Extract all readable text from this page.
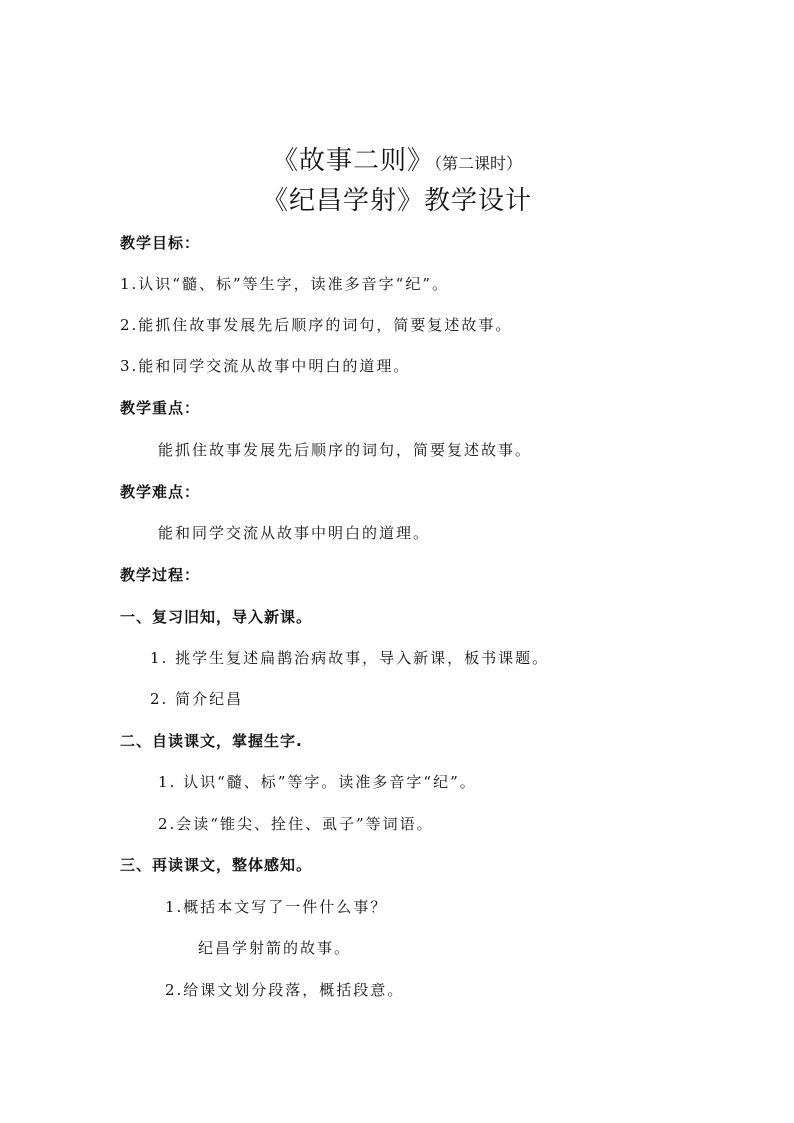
《故事二则》（第二课时）
《纪昌学射》教学设计
教学目标：
1.认识“髓、标”等生字，读准多音字“纪”。
2.能抓住故事发展先后顺序的词句，简要复述故事。
3.能和同学交流从故事中明白的道理。
教学重点：
能抓住故事发展先后顺序的词句，简要复述故事。
教学难点：
能和同学交流从故事中明白的道理。
教学过程：
一、复习旧知，导入新课。
1. 挑学生复述扁鹊治病故事，导入新课，板书课题。
2. 简介纪昌
二、自读课文，掌握生字.
1. 认识“髓、标”等字。读准多音字“纪”。
2.会读“锥尖、拴住、虱子”等词语。
三、再读课文，整体感知。
1.概括本文写了一件什么事？
纪昌学射箭的故事。
2.给课文划分段落，概括段意。
